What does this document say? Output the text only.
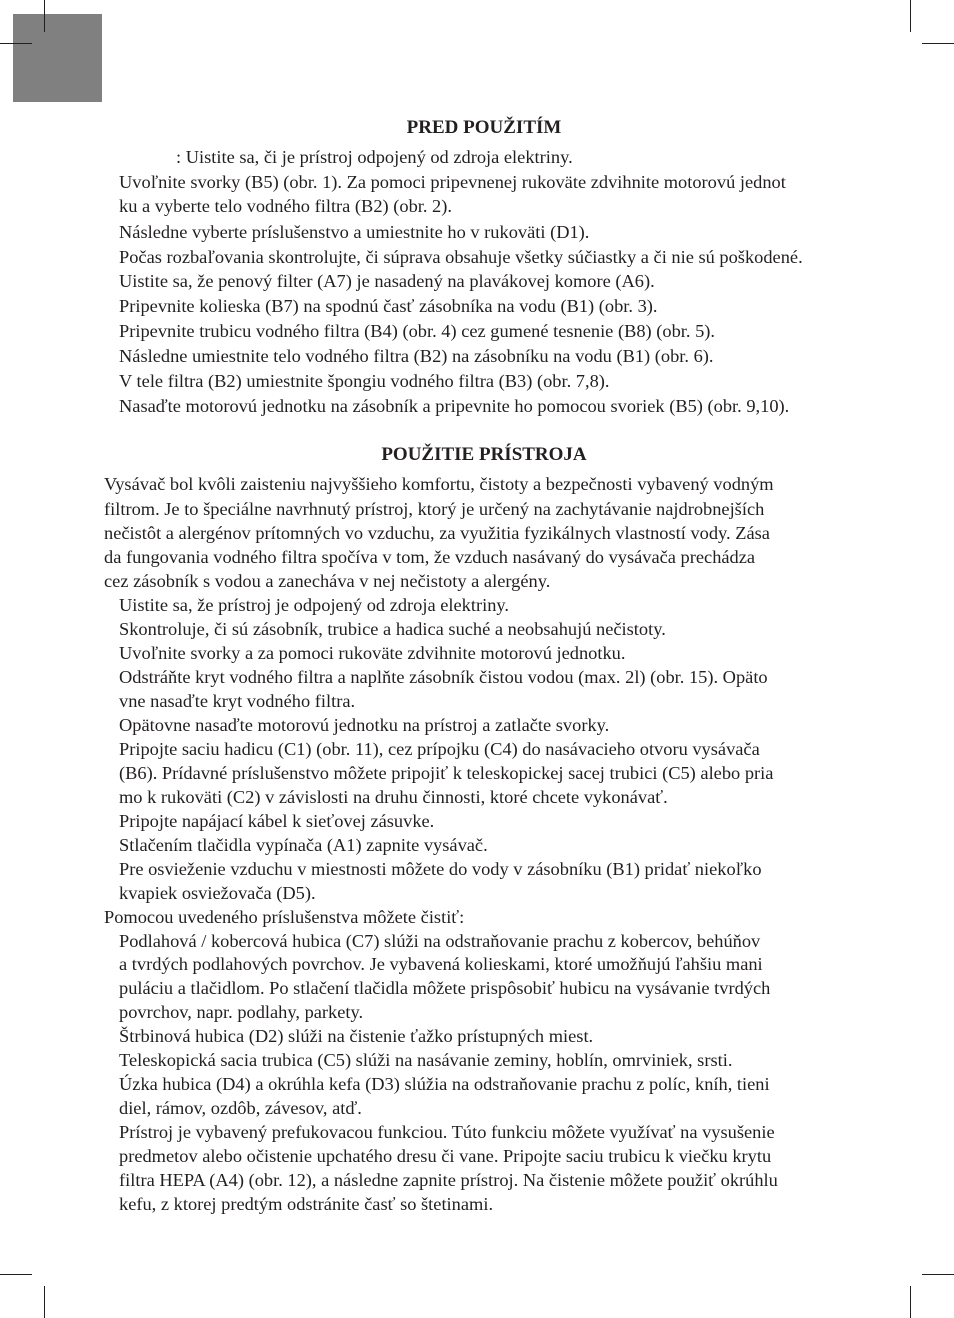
PRED POUŽITÍM
: Uistite sa, či je prístroj odpojený od zdroja elektriny.
Uvoľnite svorky (B5) (obr. 1). Za pomoci pripevnenej rukoväte zdvihnite motorovú jednot
ku a vyberte telo vodného filtra (B2) (obr. 2).
Následne vyberte príslušenstvo a umiestnite ho v rukoväti (D1).
Počas rozbaľovania skontrolujte, či súprava obsahuje všetky súčiastky a či nie sú poškodené.
Uistite sa, že penový filter (A7) je nasadený na plavákovej komore (A6).
Pripevnite kolieska (B7) na spodnú časť zásobníka na vodu (B1) (obr. 3).
Pripevnite trubicu vodného filtra (B4) (obr. 4) cez gumené tesnenie (B8) (obr. 5).
Následne umiestnite telo vodného filtra (B2) na zásobníku na vodu (B1) (obr. 6).
V tele filtra (B2) umiestnite špongiu vodného filtra (B3) (obr. 7,8).
Nasaďte motorovú jednotku na zásobník a pripevnite ho pomocou svoriek (B5) (obr. 9,10).
POUŽITIE PRÍSTROJA
Vysávač bol kvôli zaisteniu najvyššieho komfortu, čistoty a bezpečnosti vybavený vodným
filtrom. Je to špeciálne navrhnutý prístroj, ktorý je určený na zachytávanie najdrobnejších
nečistôt a alergénov prítomných vo vzduchu, za využitia fyzikálnych vlastností vody. Zása
da fungovania vodného filtra spočíva v tom, že vzduch nasávaný do vysávača prechádza
cez zásobník s vodou a zanecháva v nej nečistoty a alergény.
Uistite sa, že prístroj je odpojený od zdroja elektriny.
Skontroluje, či sú zásobník, trubice a hadica suché a neobsahujú nečistoty.
Uvoľnite svorky a za pomoci rukoväte zdvihnite motorovú jednotku.
Odstráňte kryt vodného filtra a naplňte zásobník čistou vodou (max. 2l) (obr. 15). Opäto
vne nasaďte kryt vodného filtra.
Opätovne nasaďte motorovú jednotku na prístroj a zatlačte svorky.
Pripojte saciu hadicu (C1) (obr. 11), cez prípojku (C4) do nasávacieho otvoru vysávača
(B6). Prídavné príslušenstvo môžete pripojiť k teleskopickej sacej trubici (C5) alebo pria
mo k rukoväti (C2) v závislosti na druhu činnosti, ktoré chcete vykonávať.
Pripojte napájací kábel k sieťovej zásuvke.
Stlačením tlačidla vypínača (A1) zapnite vysávač.
Pre osvieženie vzduchu v miestnosti môžete do vody v zásobníku (B1) pridať niekoľko
kvapiek osviežovača (D5).
Pomocou uvedeného príslušenstva môžete čistiť:
Podlahová / kobercová hubica (C7) slúži na odstraňovanie prachu z kobercov, behúňov
a tvrdých podlahových povrchov. Je vybavená kolieskami, ktoré umožňujú ľahšiu mani
puláciu a tlačidlom. Po stlačení tlačidla môžete prispôsobiť hubicu na vysávanie tvrdých
povrchov, napr. podlahy, parkety.
Štrbinová hubica (D2) slúži na čistenie ťažko prístupných miest.
Teleskopická sacia trubica (C5) slúži na nasávanie zeminy, hoblín, omrviniek, srsti.
Úzka hubica (D4) a okrúhla kefa (D3) slúžia na odstraňovanie prachu z políc, kníh, tieni
diel, rámov, ozdôb, závesov, atď.
Prístroj je vybavený prefukovacou funkciou. Túto funkciu môžete využívať na vysušenie
predmetov alebo očistenie upchatého dresu či vane. Pripojte saciu trubicu k viečku krytu
filtra HEPA (A4) (obr. 12), a následne zapnite prístroj. Na čistenie môžete použiť okrúhlu
kefu, z ktorej predtým odstránite časť so štetinami.
